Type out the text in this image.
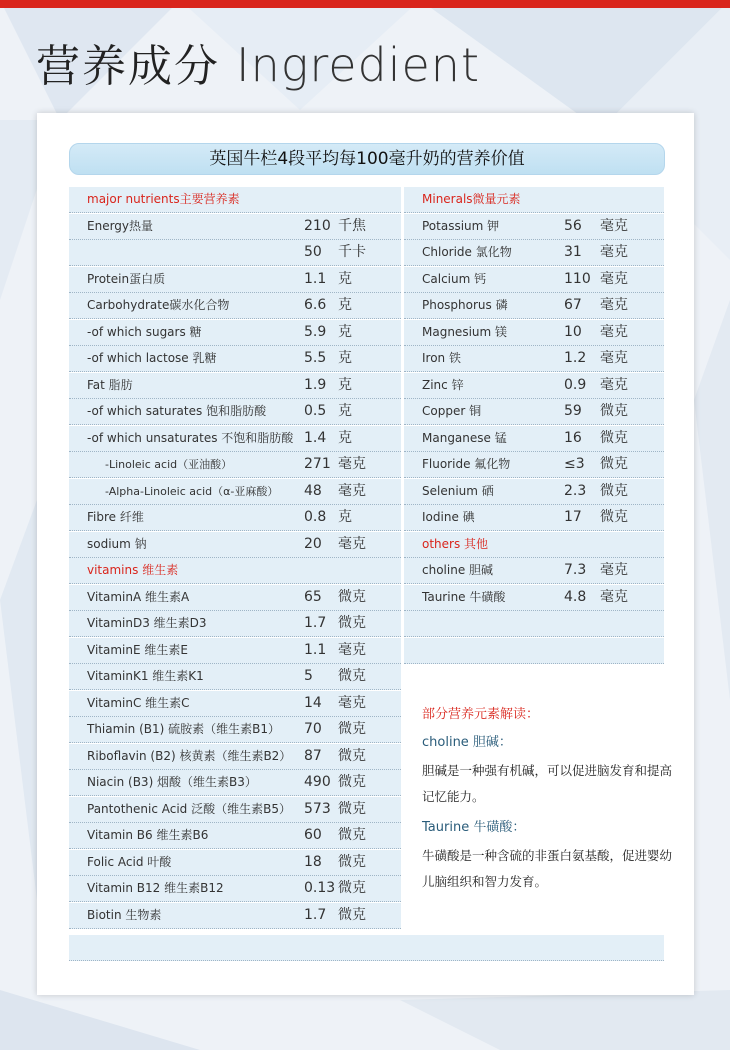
营养成分 Ingredient
英国牛栏4段平均每100毫升奶的营养价值
major nutrients主要营养素
Energy热量	210 千焦
50 千卡
Protein蛋白质	1.1 克
Carbohydrate碳水化合物	6.6 克
-of which sugars 糖	5.9 克
-of which lactose 乳糖	5.5 克
Fat 脂肪	1.9 克
-of which saturates 饱和脂肪酸	0.5 克
-of which unsaturates 不饱和脂肪酸 1.4 克
-Linoleic acid（亚油酸）	271 毫克
-Alpha-Linoleic acid（α-亚麻酸） 48 毫克
Fibre 纤维	0.8 克
sodium 钠	20 毫克
vitamins 维生素
VitaminA 维生素A	65 微克
VitaminD3 维生素D3	1.7 微克
VitaminE 维生素E	1.1 毫克
VitaminK1 维生素K1	5 微克
VitaminC 维生素C	14 毫克
Thiamin (B1) 硫胺素（维生素B1） 70 微克
Riboflavin (B2) 核黄素（维生素B2） 87 微克
Niacin (B3) 烟酸（维生素B3）	490 微克
Pantothenic Acid 泛酸（维生素B5） 573 微克
Vitamin B6 维生素B6	60 微克
Folic Acid 叶酸	18 微克
Vitamin B12 维生素B12	0.13 微克
Biotin 生物素	1.7 微克
Minerals微量元素
Potassium 钾	56 毫克
Chloride 氯化物	31 毫克
Calcium 钙	110 毫克
Phosphorus 磷	67 毫克
Magnesium 镁	10 毫克
Iron 铁	1.2 毫克
Zinc 锌	0.9 毫克
Copper 铜	59 微克
Manganese 锰	16 微克
Fluoride 氟化物	≤3 微克
Selenium 硒	2.3 微克
Iodine 碘	17 微克
others 其他
choline 胆碱	7.3 毫克
Taurine 牛磺酸	4.8 毫克
部分营养元素解读：
choline 胆碱：
胆碱是一种强有机碱，可以促进脑发育和提高记忆能力。
Taurine 牛磺酸：
牛磺酸是一种含硫的非蛋白氨基酸，促进婴幼儿脑组织和智力发育。
